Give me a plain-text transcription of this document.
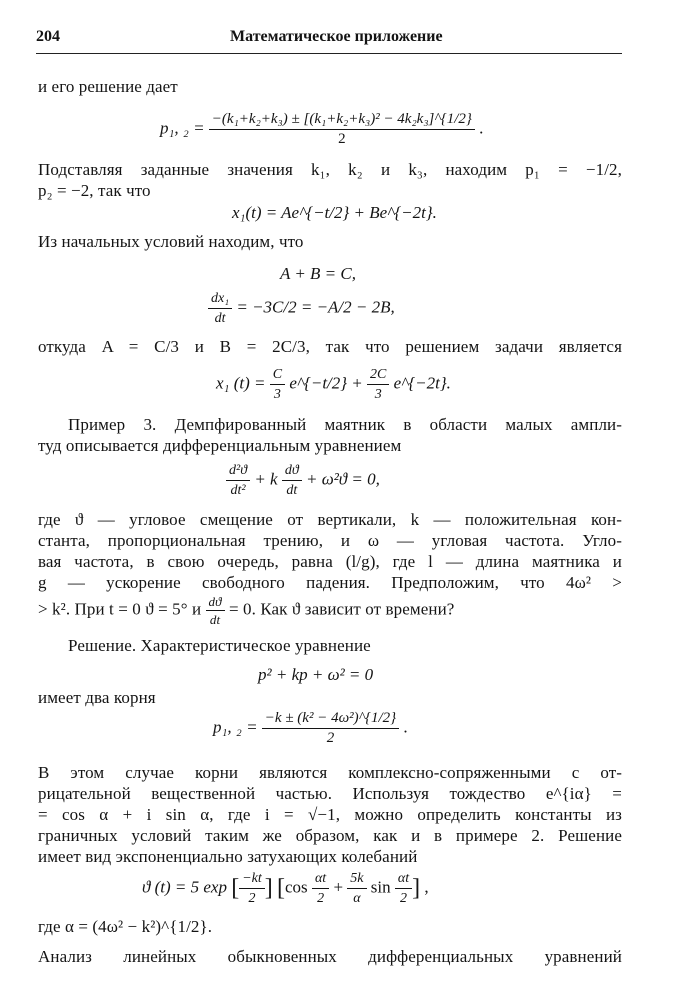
204	Математическое приложение
и его решение дает
p₁, $_2 = \frac{\text{−(k₁+k₂+k₃) ± [(k₁+k₂+k₃)² − 4k₂k₃]\textasciicircum{}\{1/2\}}}{2}$ .
Подставляя заданные значения k₁, k₂ и k₃, находим p₁ = −1/2,
p₂ = −2, так что
x₁(t) = Ae^{−t/2} + Be^{−2t}.
Из начальных условий находим, что
A + B = C,
$\frac{\text{dx₁}}{dt} = -3C/2 = -A/2 - 2B$,
откуда A = C/3 и B = 2C/3, так что решением задачи является
x₁ $(t) = \frac{C}{3}$ e^{−t/2} + $\frac{2C}{3}$ e^{−2t}.
Пример 3. Демпфированный маятник в области малых ампли-
туд описывается дифференциальным уравнением
$\frac{\text{d²ϑ}}{\text{dt²}} + k \frac{dϑ}{dt} + \omega^2ϑ = 0$,
где ϑ — угловое смещение от вертикали, k — положительная кон-
станта, пропорциональная трению, и ω — угловая частота. Угло-
вая частота, в свою очередь, равна (l/g), где l — длина маятника и
g — ускорение свободного падения. Предположим, что 4ω² >
> k². При t = 0 ϑ = 5° и $\frac{dϑ}{dt} = 0$. Как ϑ зависит от времени?
Решение. Характеристическое уравнение
p² + kp + ω² = 0
имеет два корня
p₁, $_2 = \frac{\text{−k ± (k² − 4ω²)\textasciicircum{}\{1/2\}}}{2}$ .
В этом случае корни являются комплексно-сопряженными с от-
рицательной вещественной частью. Используя тождество e^{iα} =
= cos α + i sin α, где i = √−1, можно определить константы из
граничных условий таким же образом, как и в примере 2. Решение
имеет вид экспоненциально затухающих колебаний
ϑ (t) = 5 exp [ $\frac{-kt}{2}$ ] [$\cos \frac{\alpha t}{2} + \frac{5k}{\alpha}$ $\sin \frac{\alpha t}{2}$ ] ,
где α = (4ω² − k²)^{1/2}.
Анализ линейных обыкновенных дифференциальных уравнений
